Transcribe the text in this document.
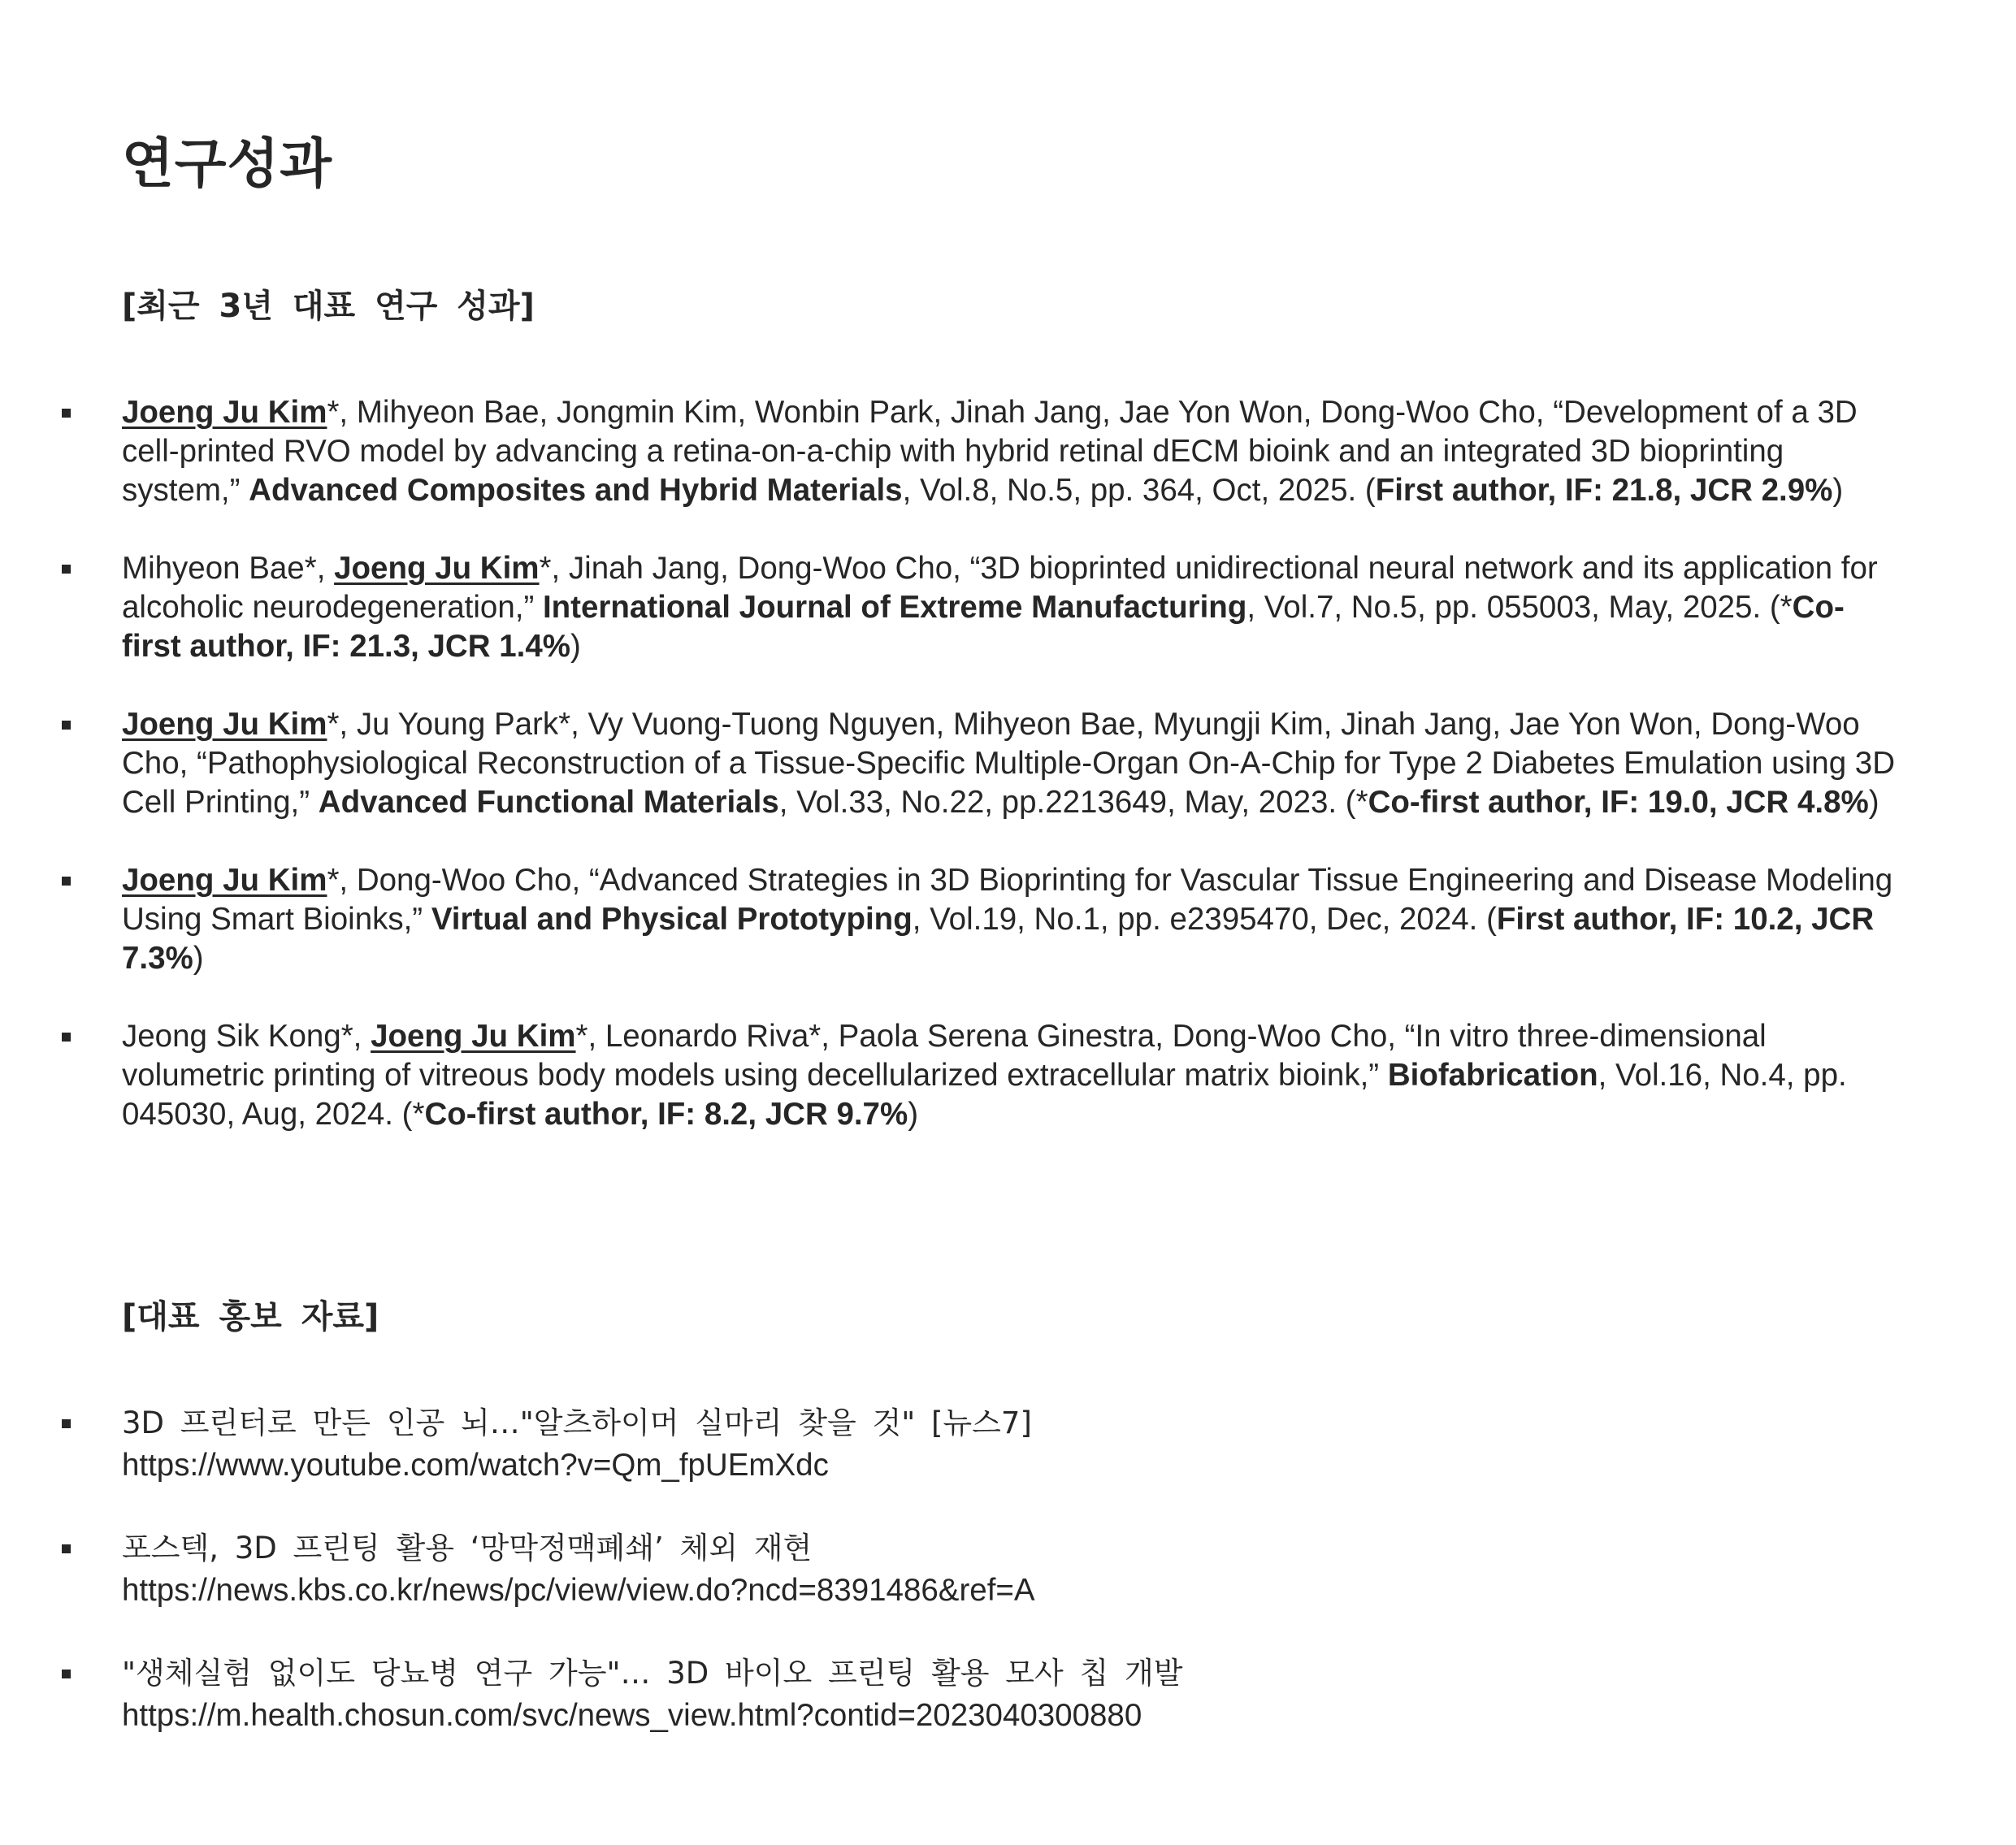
연구성과
[최근 3년 대표 연구 성과]
Joeng Ju Kim*, Mihyeon Bae, Jongmin Kim, Wonbin Park, Jinah Jang, Jae Yon Won, Dong-Woo Cho, “Development of a 3D cell-printed RVO model by advancing a retina-on-a-chip with hybrid retinal dECM bioink and an integrated 3D bioprinting system,” Advanced Composites and Hybrid Materials, Vol.8, No.5, pp. 364, Oct, 2025. (First author, IF: 21.8, JCR 2.9%)
Mihyeon Bae*, Joeng Ju Kim*, Jinah Jang, Dong-Woo Cho, “3D bioprinted unidirectional neural network and its application for alcoholic neurodegeneration,” International Journal of Extreme Manufacturing, Vol.7, No.5, pp. 055003, May, 2025. (*Co-first author, IF: 21.3, JCR 1.4%)
Joeng Ju Kim*, Ju Young Park*, Vy Vuong-Tuong Nguyen, Mihyeon Bae, Myungji Kim, Jinah Jang, Jae Yon Won, Dong-Woo Cho, “Pathophysiological Reconstruction of a Tissue-Specific Multiple-Organ On-A-Chip for Type 2 Diabetes Emulation using 3D Cell Printing,” Advanced Functional Materials, Vol.33, No.22, pp.2213649, May, 2023. (*Co-first author, IF: 19.0, JCR 4.8%)
Joeng Ju Kim*, Dong-Woo Cho, “Advanced Strategies in 3D Bioprinting for Vascular Tissue Engineering and Disease Modeling Using Smart Bioinks,” Virtual and Physical Prototyping, Vol.19, No.1, pp. e2395470, Dec, 2024. (First author, IF: 10.2, JCR 7.3%)
Jeong Sik Kong*, Joeng Ju Kim*, Leonardo Riva*, Paola Serena Ginestra, Dong-Woo Cho, “In vitro three-dimensional volumetric printing of vitreous body models using decellularized extracellular matrix bioink,” Biofabrication, Vol.16, No.4, pp. 045030, Aug, 2024. (*Co-first author, IF: 8.2, JCR 9.7%)
[대표 홍보 자료]
3D 프린터로 만든 인공 뇌…"알츠하이머 실마리 찾을 것" [뉴스7]
https://www.youtube.com/watch?v=Qm_fpUEmXdc
포스텍, 3D 프린팅 활용 ‘망막정맥폐쇄’ 체외 재현
https://news.kbs.co.kr/news/pc/view/view.do?ncd=8391486&ref=A
"생체실험 없이도 당뇨병 연구 가능"… 3D 바이오 프린팅 활용 모사 칩 개발
https://m.health.chosun.com/svc/news_view.html?contid=2023040300880
